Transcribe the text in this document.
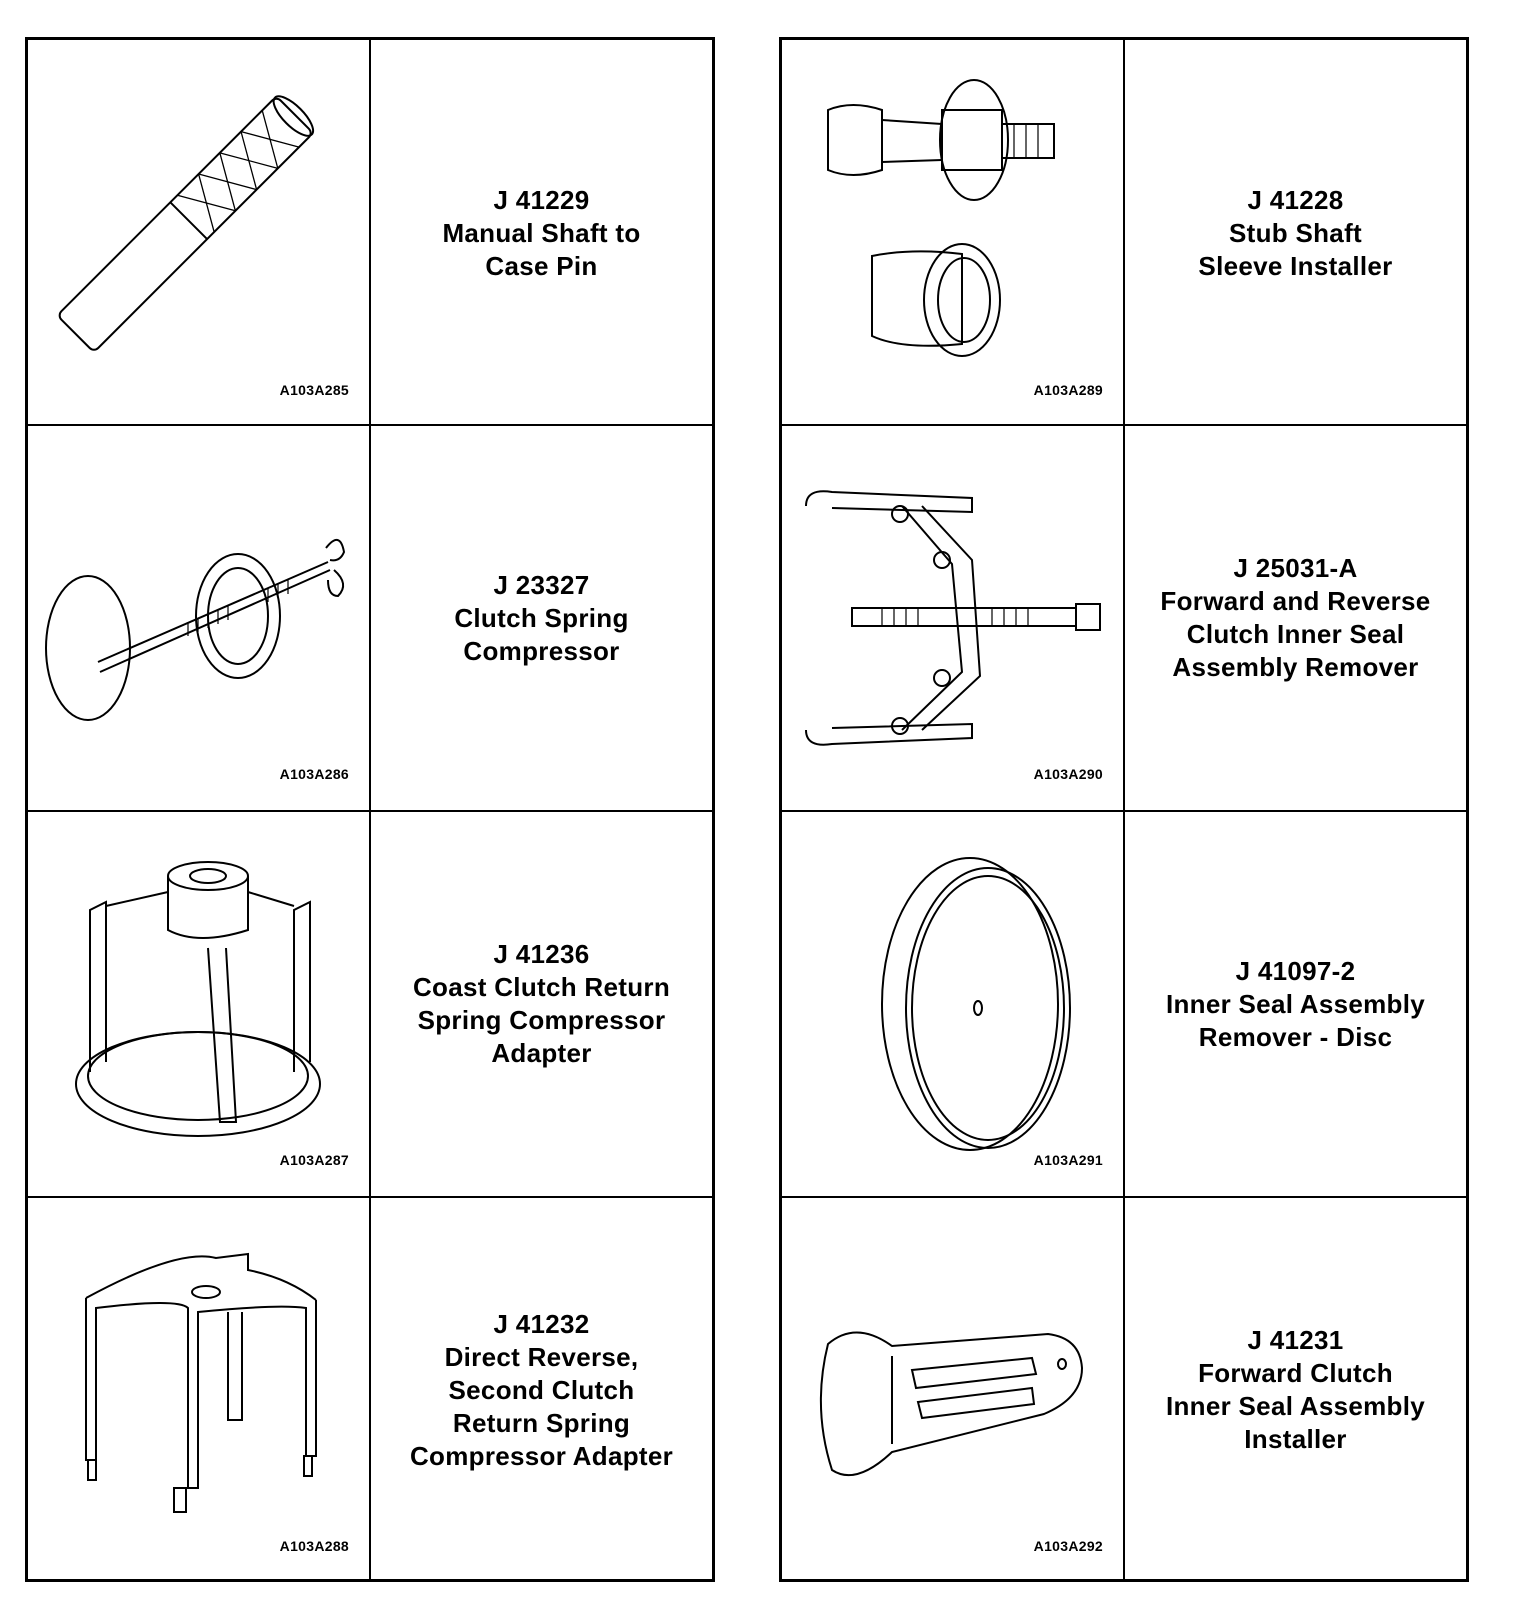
A103A285
J 41229
Manual Shaft to
Case Pin
A103A286
J 23327
Clutch Spring
Compressor
A103A287
J 41236
Coast Clutch Return
Spring Compressor
Adapter
A103A288
J 41232
Direct Reverse,
Second Clutch
Return Spring
Compressor Adapter
A103A289
J 41228
Stub Shaft
Sleeve Installer
A103A290
J 25031-A
Forward and Reverse
Clutch Inner Seal
Assembly Remover
A103A291
J 41097-2
Inner Seal Assembly
Remover - Disc
A103A292
J 41231
Forward Clutch
Inner Seal Assembly
Installer
